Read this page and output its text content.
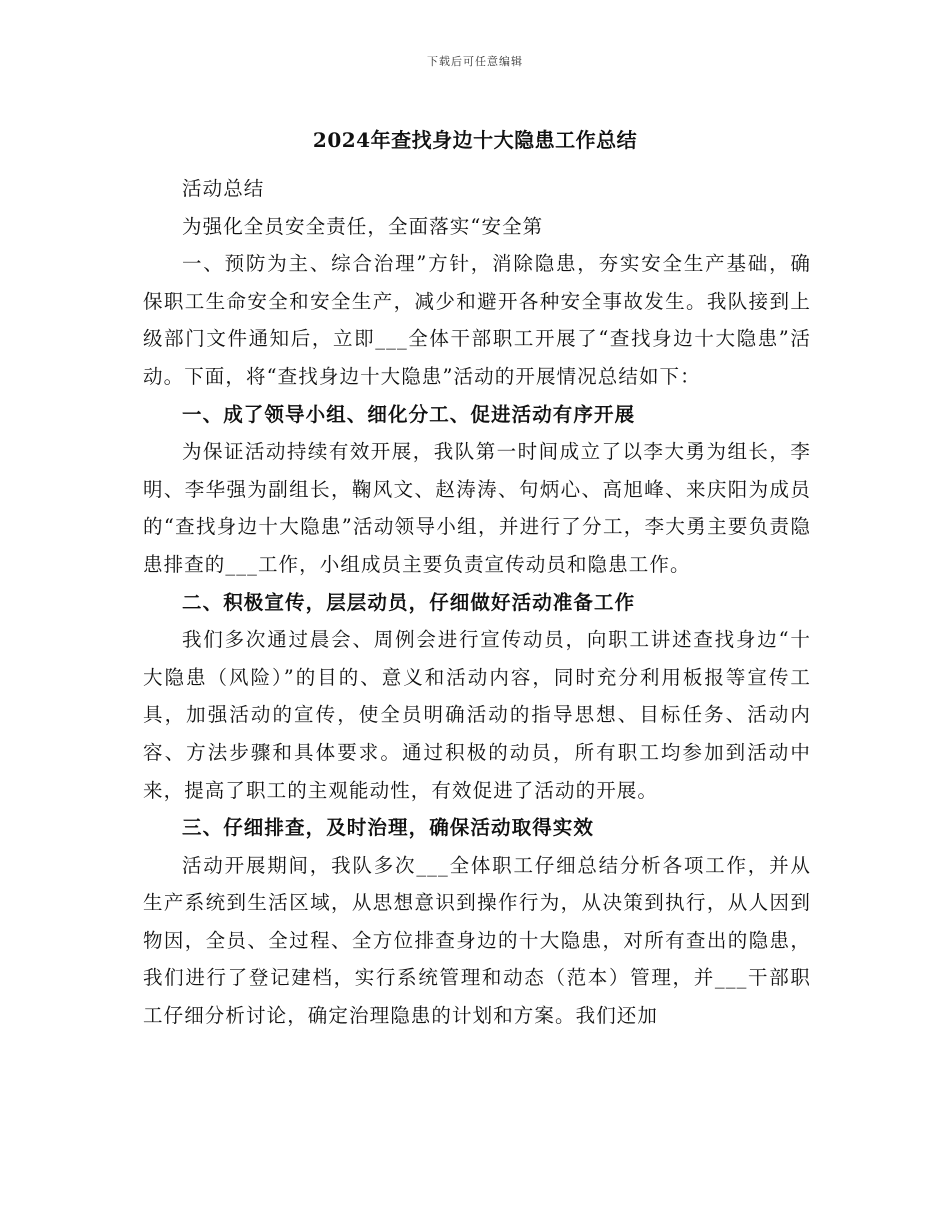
下载后可任意编辑
2024年查找身边十大隐患工作总结

活动总结

为强化全员安全责任，全面落实“安全第

一、预防为主、综合治理”方针，消除隐患，夯实安全生产基础，确保职工生命安全和安全生产，减少和避开各种安全事故发生。我队接到上级部门文件通知后，立即___全体干部职工开展了“查找身边十大隐患”活动。下面，将“查找身边十大隐患”活动的开展情况总结如下：

一、成了领导小组、细化分工、促进活动有序开展

为保证活动持续有效开展，我队第一时间成立了以李大勇为组长，李明、李华强为副组长，鞠风文、赵涛涛、句炳心、高旭峰、来庆阳为成员的“查找身边十大隐患”活动领导小组，并进行了分工，李大勇主要负责隐患排查的___工作，小组成员主要负责宣传动员和隐患工作。

二、积极宣传，层层动员，仔细做好活动准备工作

我们多次通过晨会、周例会进行宣传动员，向职工讲述查找身边“十大隐患（风险）”的目的、意义和活动内容，同时充分利用板报等宣传工具，加强活动的宣传，使全员明确活动的指导思想、目标任务、活动内容、方法步骤和具体要求。通过积极的动员，所有职工均参加到活动中来，提高了职工的主观能动性，有效促进了活动的开展。

三、仔细排查，及时治理，确保活动取得实效

活动开展期间，我队多次___全体职工仔细总结分析各项工作，并从生产系统到生活区域，从思想意识到操作行为，从决策到执行，从人因到物因，全员、全过程、全方位排查身边的十大隐患，对所有查出的隐患，我们进行了登记建档，实行系统管理和动态（范本）管理，并___干部职工仔细分析讨论，确定治理隐患的计划和方案。我们还加
